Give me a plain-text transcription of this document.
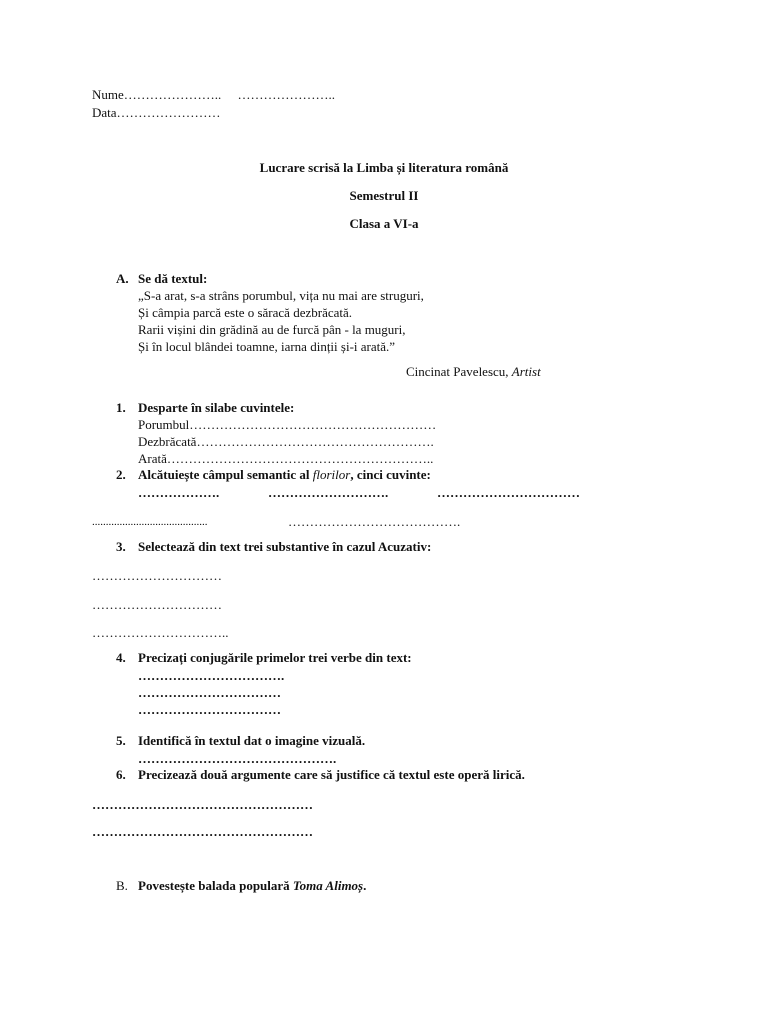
Nume…………………..     …………………..
Data……………………
Lucrare scrisă la Limba și literatura română
Semestrul II
Clasa a VI-a
A. Se dă textul:
„S-a arat, s-a strâns porumbul, vița nu mai are struguri,
Și câmpia parcă este o săracă dezbrăcată.
Rarii vișini din grădină au de furcă pân - la muguri,
Și în locul blândei toamne, iarna dinții și-i arată.”
Cincinat Pavelescu, Artist
1. Desparte în silabe cuvintele:
Porumbul…………………………………………………
Dezbrăcată……………………………………………….
Arată……………………………………………………..
2. Alcătuiește câmpul semantic al florilor, cinci cuvinte:
……………….	……………………….	……………………………
..........................................	………………………………….
3. Selectează din text trei substantive în cazul Acuzativ:
…………………………
…………………………
…………………………..
4. Precizați conjugările primelor trei verbe din text:
…………………………….
……………………………
……………………………
5. Identifică în textul dat o imagine vizuală.
……………………………………….
6. Precizează două argumente care să justifice că textul este operă lirică.
……………………………………………
……………………………………………
B. Povestește balada populară Toma Alimoș.
